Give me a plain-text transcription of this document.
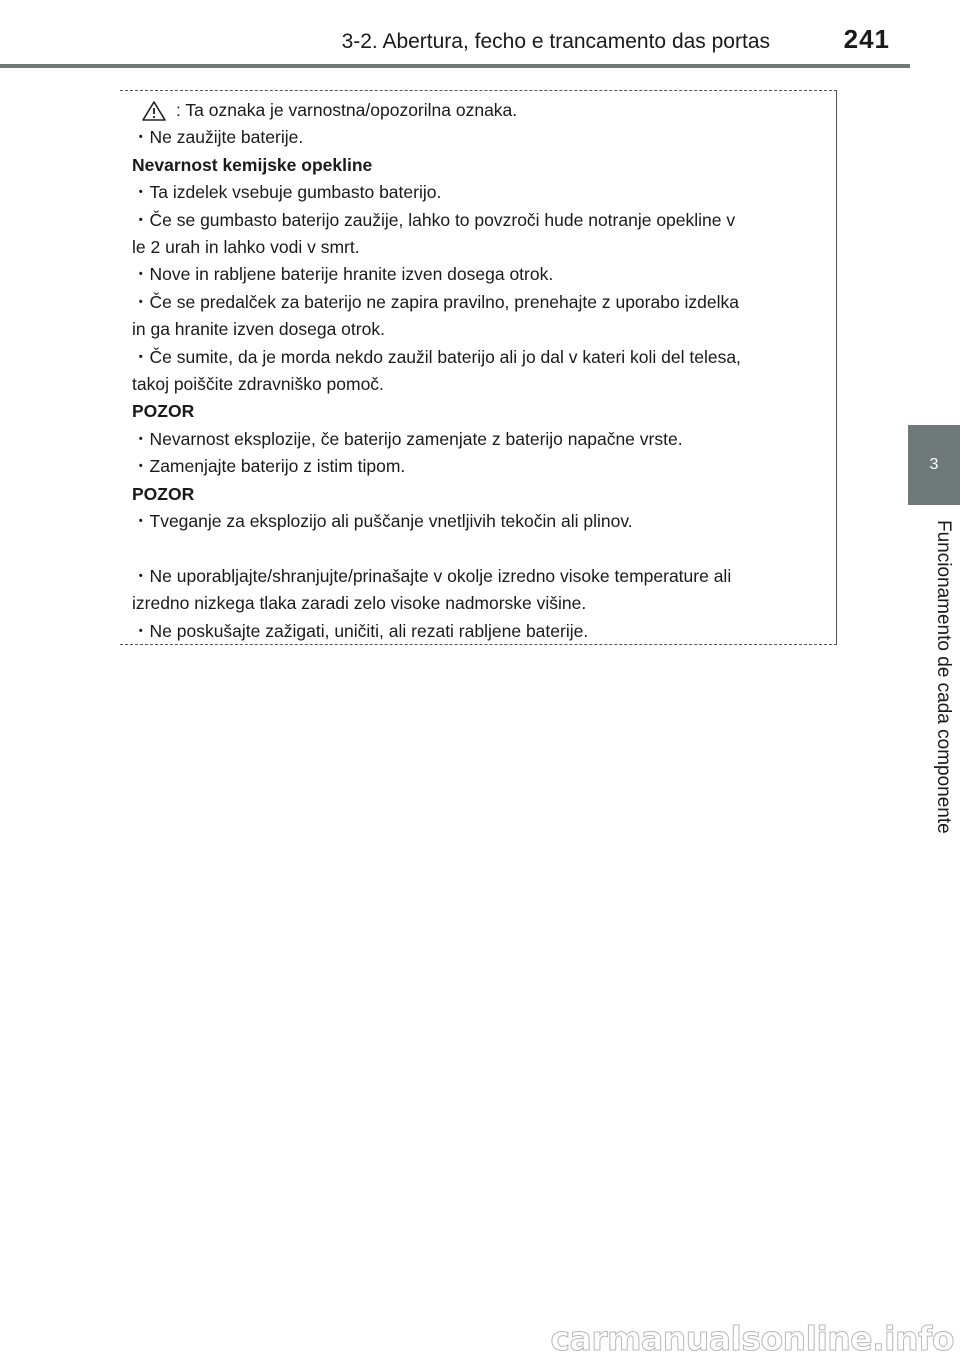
3-2. Abertura, fecho e trancamento das portas	241
3
Funcionamento de cada componente

: Ta oznaka je varnostna/opozorilna oznaka.

・ Ne zaužijte baterije.

Nevarnost kemijske opekline

・ Ta izdelek vsebuje gumbasto baterijo.

・ Če se gumbasto baterijo zaužije, lahko to povzroči hude notranje opekline v

le 2 urah in lahko vodi v smrt.

・ Nove in rabljene baterije hranite izven dosega otrok.

・ Če se predalček za baterijo ne zapira pravilno, prenehajte z uporabo izdelka

in ga hranite izven dosega otrok.

・ Če sumite, da je morda nekdo zaužil baterijo ali jo dal v kateri koli del telesa,

takoj poiščite zdravniško pomoč.

POZOR

・ Nevarnost eksplozije, če baterijo zamenjate z baterijo napačne vrste.

・ Zamenjajte baterijo z istim tipom.

POZOR

・ Tveganje za eksplozijo ali puščanje vnetljivih tekočin ali plinov.

・ Ne uporabljajte/shranjujte/prinašajte v okolje izredno visoke temperature ali

izredno nizkega tlaka zaradi zelo visoke nadmorske višine.

・ Ne poskušajte zažigati, uničiti, ali rezati rabljene baterije.

carmanualsonline.info
